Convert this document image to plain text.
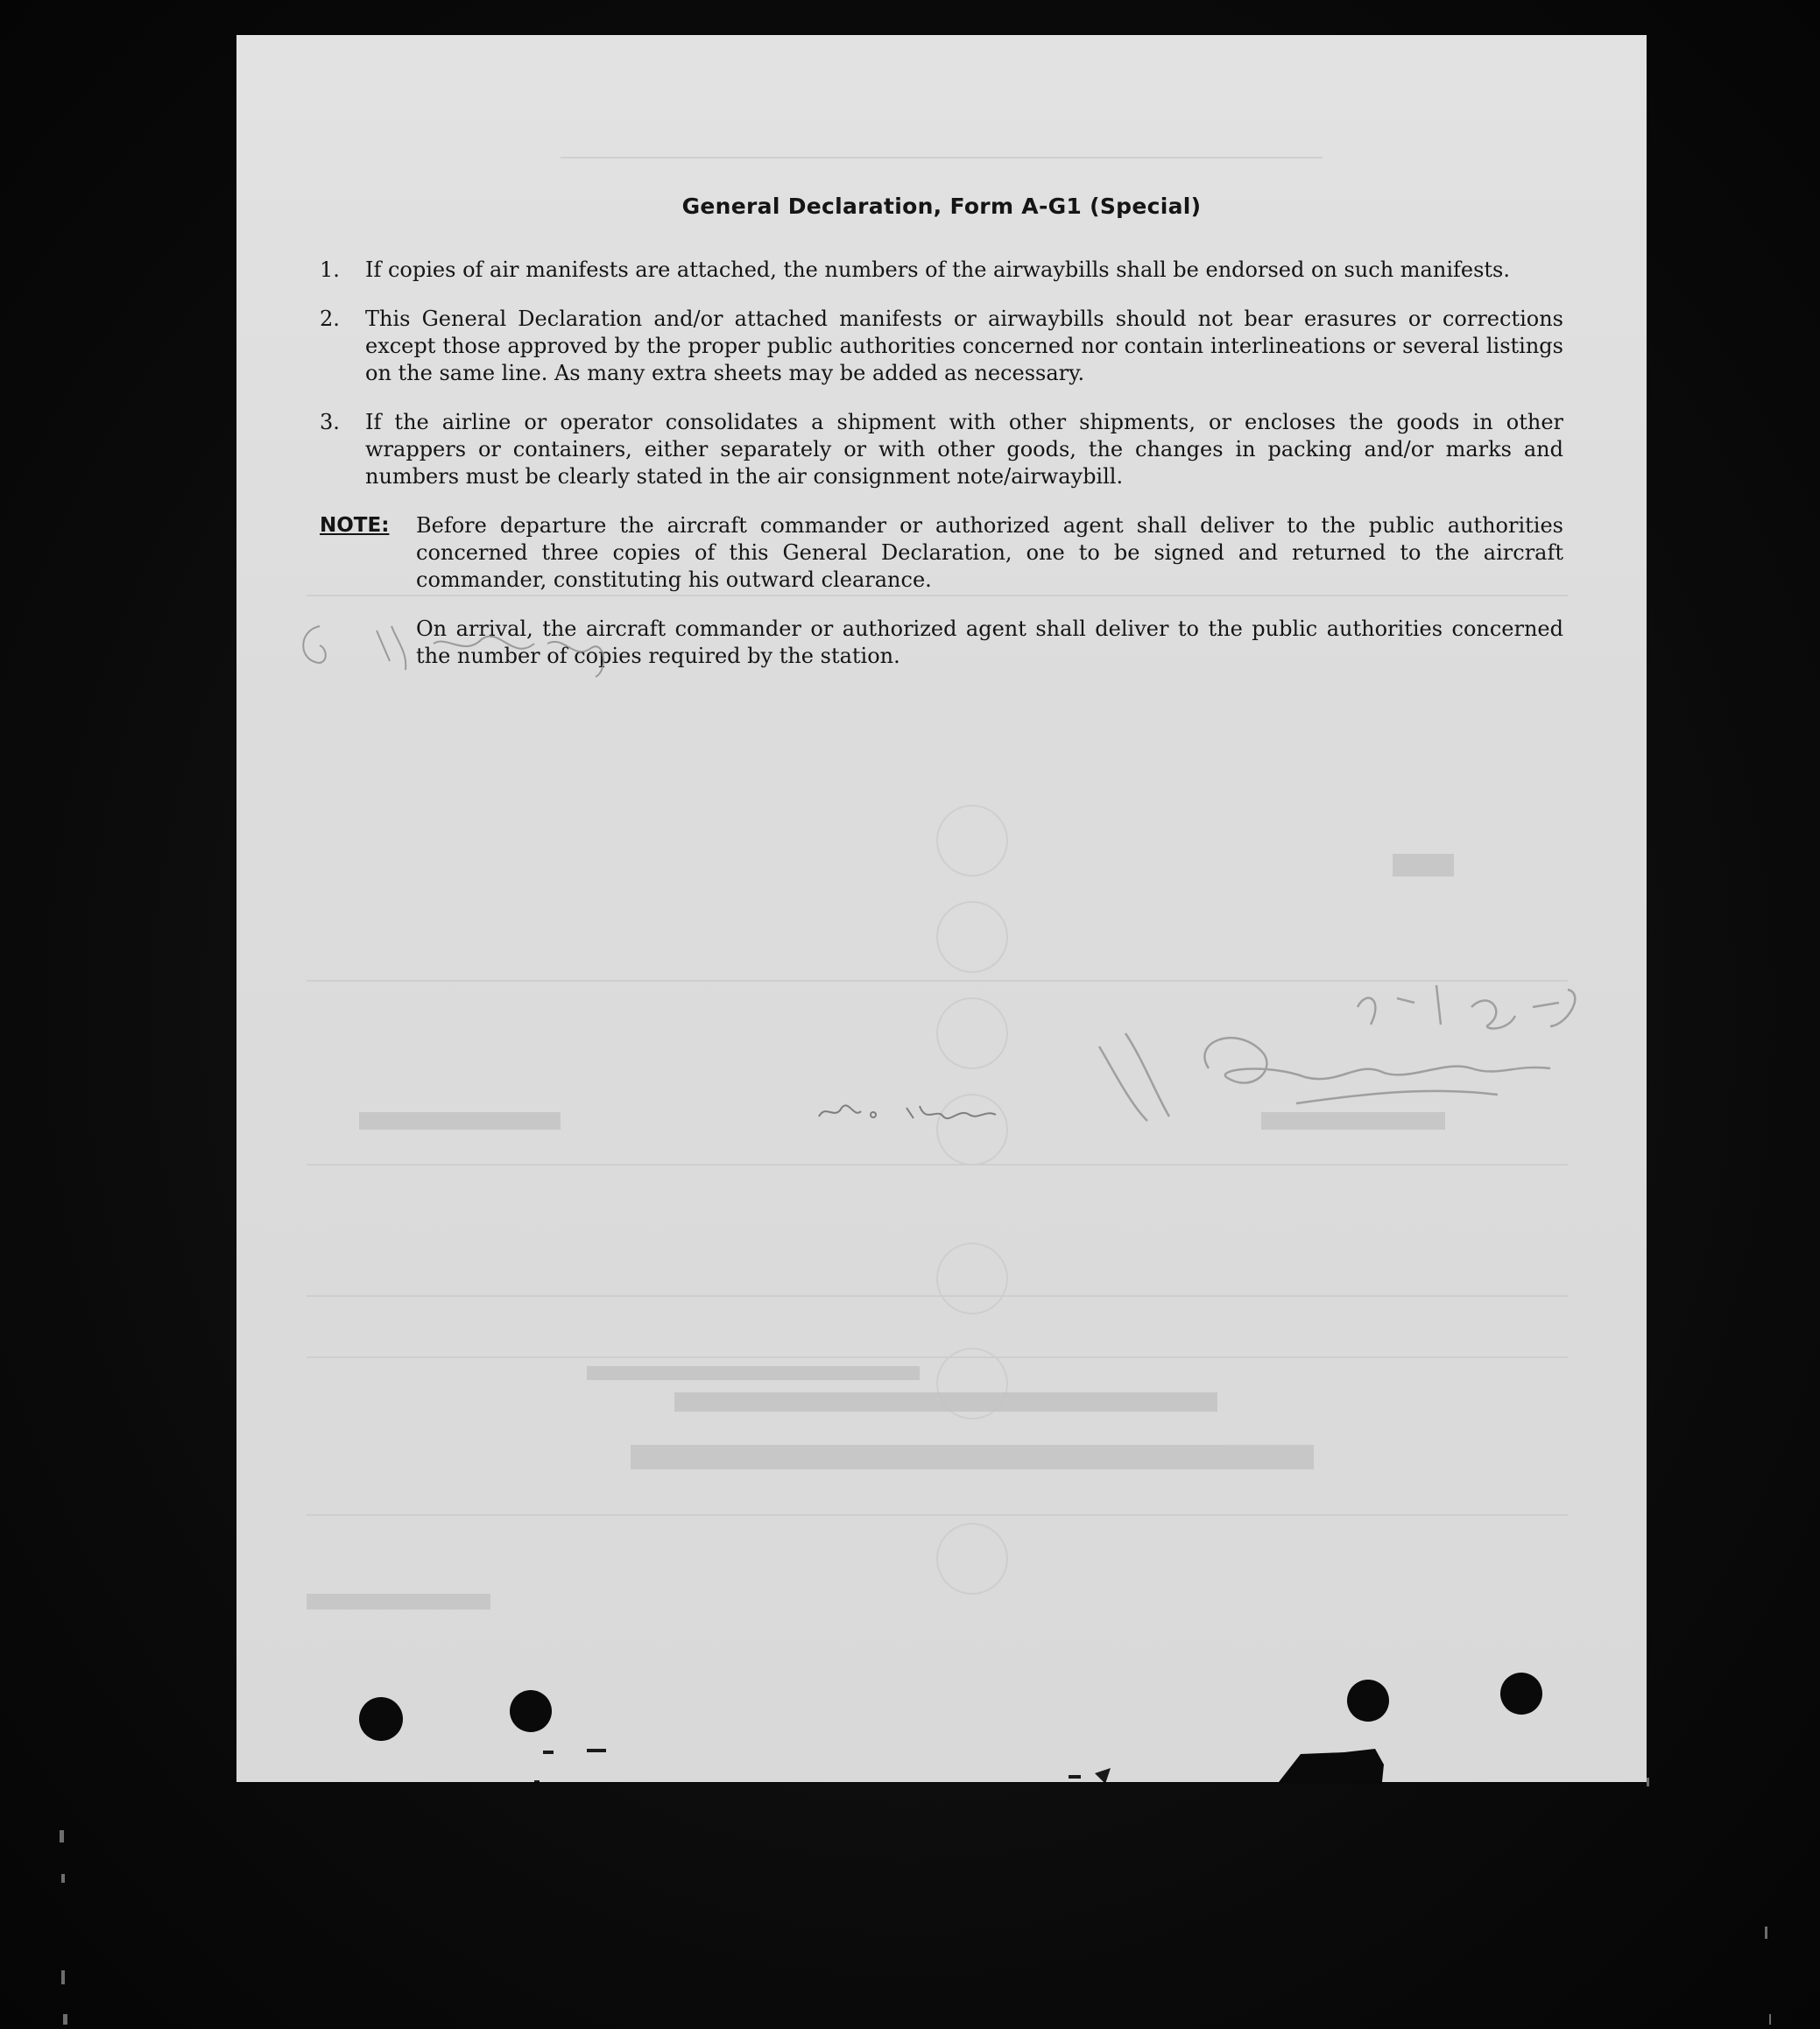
General Declaration, Form A-G1 (Special)
1.	If copies of air manifests are attached, the numbers of the airwaybills shall be endorsed on such manifests.
2.	This General Declaration and/or attached manifests or airwaybills should not bear erasures or corrections except those approved by the proper public authorities concerned nor contain interlineations or several listings on the same line. As many extra sheets may be added as necessary.
3.	If the airline or operator consolidates a shipment with other shipments, or encloses the goods in other wrappers or containers, either separately or with other goods, the changes in packing and/or marks and numbers must be clearly stated in the air consignment note/airwaybill.
NOTE:	Before departure the aircraft commander or authorized agent shall deliver to the public authorities concerned three copies of this General Declaration, one to be signed and returned to the aircraft commander, constituting his outward clearance.
On arrival, the aircraft commander or authorized agent shall deliver to the public authorities concerned the number of copies required by the station.
